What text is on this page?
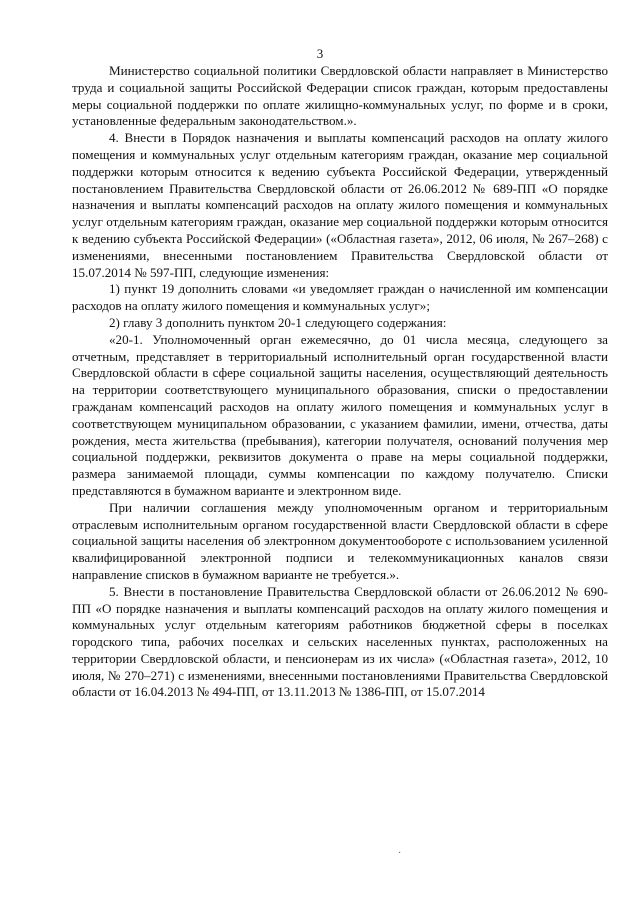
3

Министерство социальной политики Свердловской области направляет в Министерство труда и социальной защиты Российской Федерации список граждан, которым предоставлены меры социальной поддержки по оплате жилищно-коммунальных услуг, по форме и в сроки, установленные федеральным законодательством.».

4. Внести в Порядок назначения и выплаты компенсаций расходов на оплату жилого помещения и коммунальных услуг отдельным категориям граждан, оказание мер социальной поддержки которым относится к ведению субъекта Российской Федерации, утвержденный постановлением Правительства Свердловской области от 26.06.2012 № 689-ПП «О порядке назначения и выплаты компенсаций расходов на оплату жилого помещения и коммунальных услуг отдельным категориям граждан, оказание мер социальной поддержки которым относится к ведению субъекта Российской Федерации» («Областная газета», 2012, 06 июля, № 267–268) с изменениями, внесенными постановлением Правительства Свердловской области от 15.07.2014 № 597-ПП, следующие изменения:

1) пункт 19 дополнить словами «и уведомляет граждан о начисленной им компенсации расходов на оплату жилого помещения и коммунальных услуг»;

2) главу 3 дополнить пунктом 20-1 следующего содержания:

«20-1. Уполномоченный орган ежемесячно, до 01 числа месяца, следующего за отчетным, представляет в территориальный исполнительный орган государственной власти Свердловской области в сфере социальной защиты населения, осуществляющий деятельность на территории соответствующего муниципального образования, списки о предоставлении гражданам компенсаций расходов на оплату жилого помещения и коммунальных услуг в соответствующем муниципальном образовании, с указанием фамилии, имени, отчества, даты рождения, места жительства (пребывания), категории получателя, оснований получения мер социальной поддержки, реквизитов документа о праве на меры социальной поддержки, размера занимаемой площади, суммы компенсации по каждому получателю. Списки представляются в бумажном варианте и электронном виде.

При наличии соглашения между уполномоченным органом и территориальным отраслевым исполнительным органом государственной власти Свердловской области в сфере социальной защиты населения об электронном документообороте с использованием усиленной квалифицированной электронной подписи и телекоммуникационных каналов связи направление списков в бумажном варианте не требуется.».

5. Внести в постановление Правительства Свердловской области от 26.06.2012 № 690-ПП «О порядке назначения и выплаты компенсаций расходов на оплату жилого помещения и коммунальных услуг отдельным категориям работников бюджетной сферы в поселках городского типа, рабочих поселках и сельских населенных пунктах, расположенных на территории Свердловской области, и пенсионерам из их числа» («Областная газета», 2012, 10 июля, № 270–271) с изменениями, внесенными постановлениями Правительства Свердловской области от 16.04.2013 № 494-ПП, от 13.11.2013 № 1386-ПП, от 15.07.2014

·
